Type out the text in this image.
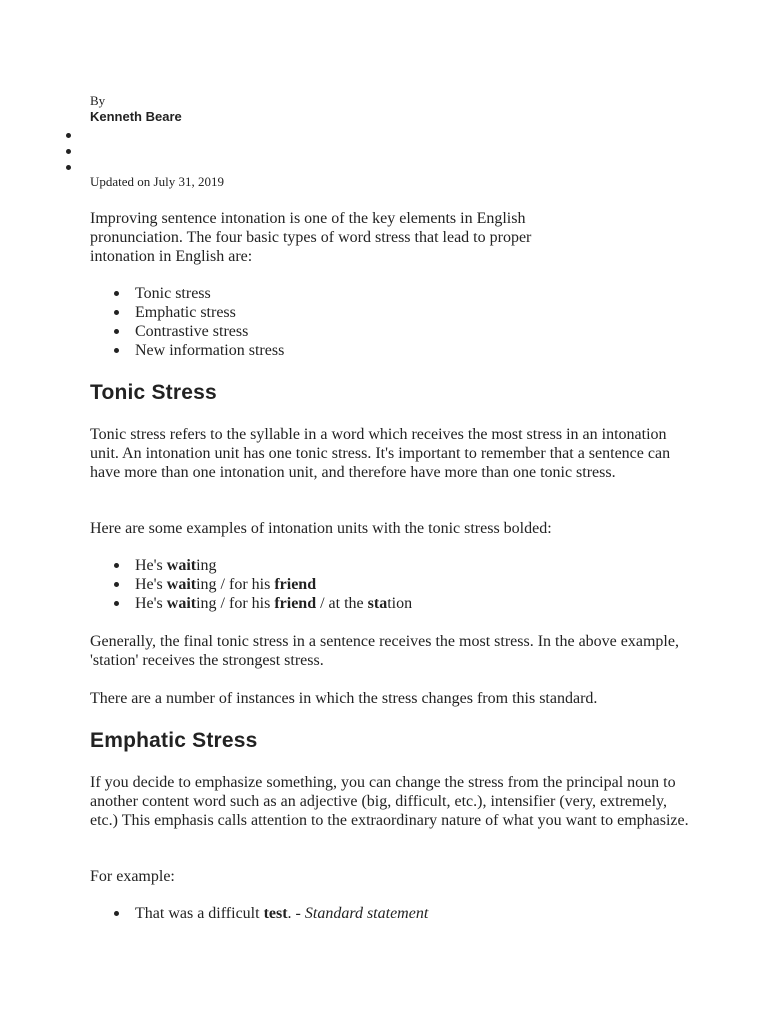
By
Kenneth Beare
Updated on July 31, 2019

Improving sentence intonation is one of the key elements in English pronunciation. The four basic types of word stress that lead to proper intonation in English are:

Tonic stress
Emphatic stress
Contrastive stress
New information stress
Tonic Stress

Tonic stress refers to the syllable in a word which receives the most stress in an intonation unit. An intonation unit has one tonic stress. It's important to remember that a sentence can have more than one intonation unit, and therefore have more than one tonic stress.

Here are some examples of intonation units with the tonic stress bolded:

He's waiting
He's waiting / for his friend
He's waiting / for his friend / at the station

Generally, the final tonic stress in a sentence receives the most stress. In the above example, 'station' receives the strongest stress.

There are a number of instances in which the stress changes from this standard.

Emphatic Stress

If you decide to emphasize something, you can change the stress from the principal noun to another content word such as an adjective (big, difficult, etc.), intensifier (very, extremely, etc.) This emphasis calls attention to the extraordinary nature of what you want to emphasize.

For example:

That was a difficult test. - Standard statement
